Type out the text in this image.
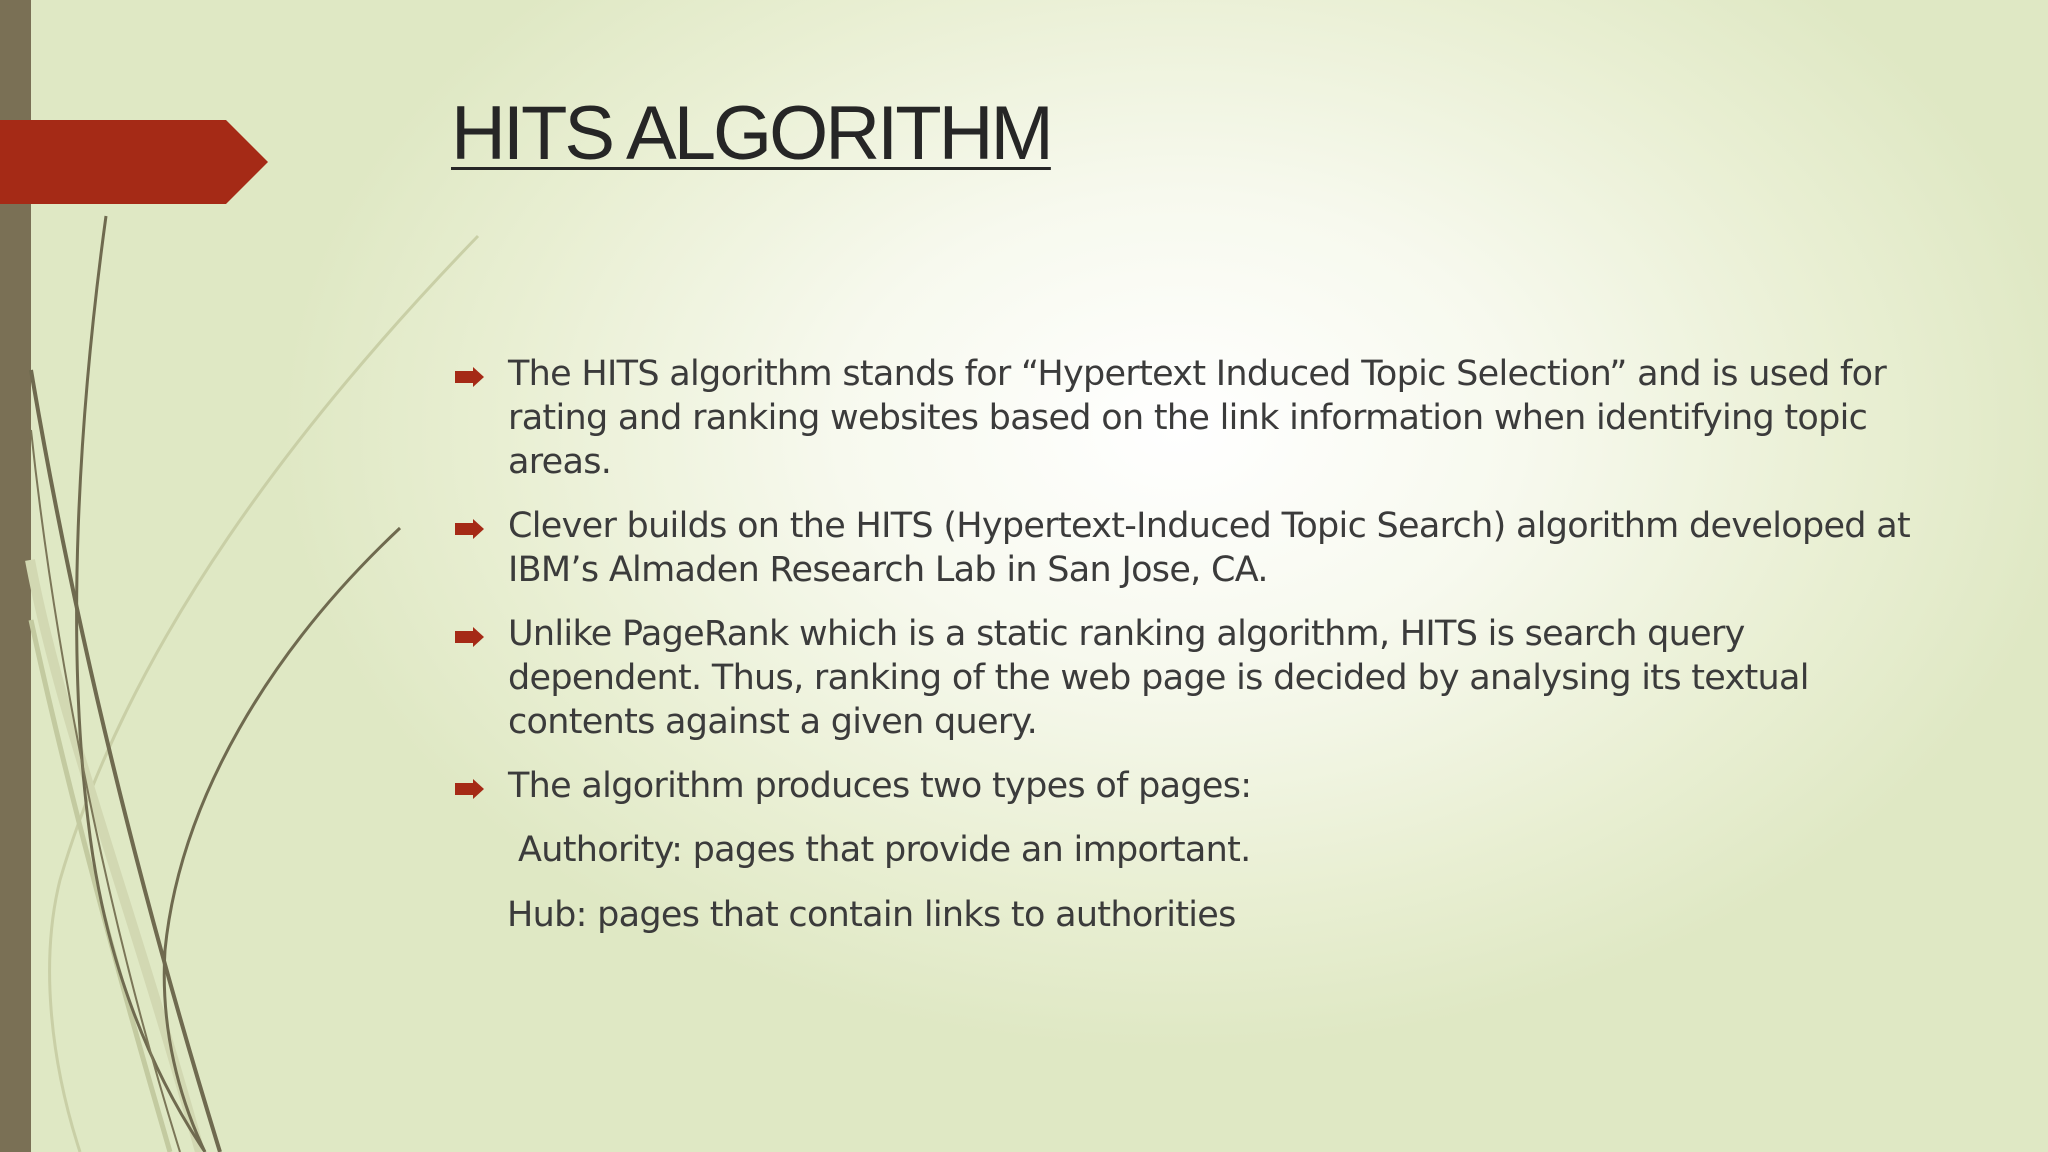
HITS ALGORITHM
The HITS algorithm stands for “Hypertext Induced Topic Selection” and is used for rating and ranking websites based on the link information when identifying topic areas.
Clever builds on the HITS (Hypertext-Induced Topic Search) algorithm developed at IBM’s Almaden Research Lab in San Jose, CA.
Unlike PageRank which is a static ranking algorithm, HITS is search query dependent. Thus, ranking of the web page is decided by analysing its textual contents against a given query.
The algorithm produces two types of pages:
Authority: pages that provide an important.
Hub: pages that contain links to authorities
